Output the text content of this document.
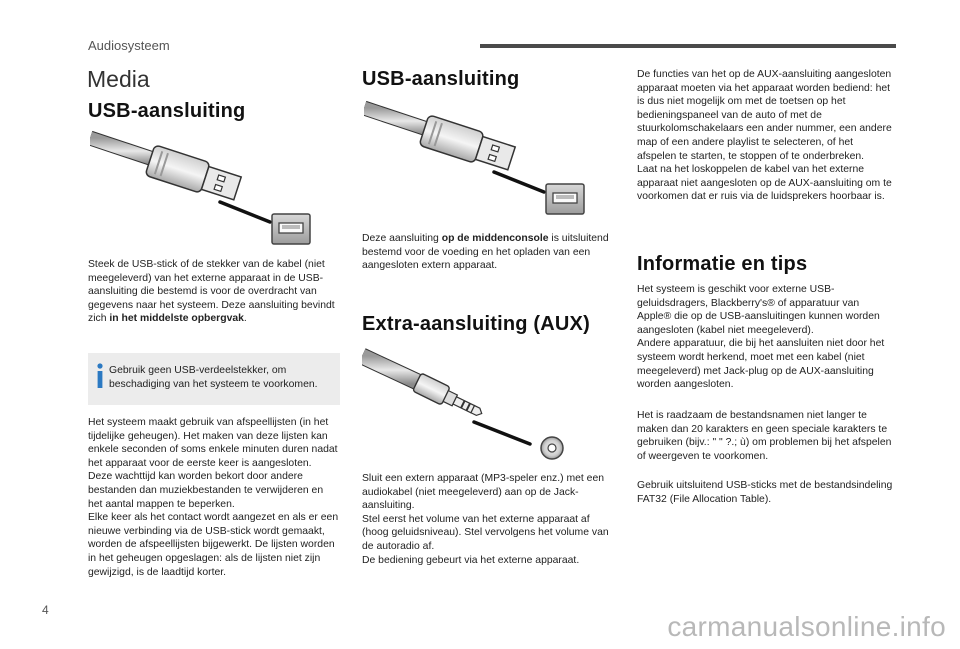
Audiosysteem
Media
USB-aansluiting

Steek de USB-stick of de stekker van de kabel (niet meegeleverd) van het externe apparaat in de USB-aansluiting die bestemd is voor de overdracht van gegevens naar het systeem. Deze aansluiting bevindt zich in het middelste opbergvak.

Gebruik geen USB-verdeelstekker, om beschadiging van het systeem te voorkomen.

Het systeem maakt gebruik van afspeellijsten (in het tijdelijke geheugen). Het maken van deze lijsten kan enkele seconden of soms enkele minuten duren nadat het apparaat voor de eerste keer is aangesloten.
Deze wachttijd kan worden bekort door andere bestanden dan muziekbestanden te verwijderen en het aantal mappen te beperken.
Elke keer als het contact wordt aangezet en als er een nieuwe verbinding via de USB-stick wordt gemaakt, worden de afspeellijsten bijgewerkt. De lijsten worden in het geheugen opgeslagen: als de lijsten niet zijn gewijzigd, is de laadtijd korter.

USB-aansluiting

Deze aansluiting op de middenconsole is uitsluitend bestemd voor de voeding en het opladen van een aangesloten extern apparaat.

Extra-aansluiting (AUX)

Sluit een extern apparaat (MP3-speler enz.) met een audiokabel (niet meegeleverd) aan op de Jack-aansluiting.
Stel eerst het volume van het externe apparaat af (hoog geluidsniveau). Stel vervolgens het volume van de autoradio af.
De bediening gebeurt via het externe apparaat.

De functies van het op de AUX-aansluiting aangesloten apparaat moeten via het apparaat worden bediend: het is dus niet mogelijk om met de toetsen op het bedieningspaneel van de auto of met de stuurkolomschakelaars een ander nummer, een andere map of een andere playlist te selecteren, of het afspelen te starten, te stoppen of te onderbreken.
Laat na het loskoppelen de kabel van het externe apparaat niet aangesloten op de AUX-aansluiting om te voorkomen dat er ruis via de luidsprekers hoorbaar is.

Informatie en tips

Het systeem is geschikt voor externe USB-geluidsdragers, Blackberry's® of apparatuur van Apple® die op de USB-aansluitingen kunnen worden aangesloten (kabel niet meegeleverd).
Andere apparatuur, die bij het aansluiten niet door het systeem wordt herkend, moet met een kabel (niet meegeleverd) met Jack-plug op de AUX-aansluiting worden aangesloten.

Het is raadzaam de bestandsnamen niet langer te maken dan 20 karakters en geen speciale karakters te gebruiken (bijv.: " " ?.; ù) om problemen bij het afspelen of weergeven te voorkomen.

Gebruik uitsluitend USB-sticks met de bestandsindeling FAT32 (File Allocation Table).

4
carmanualsonline.info
